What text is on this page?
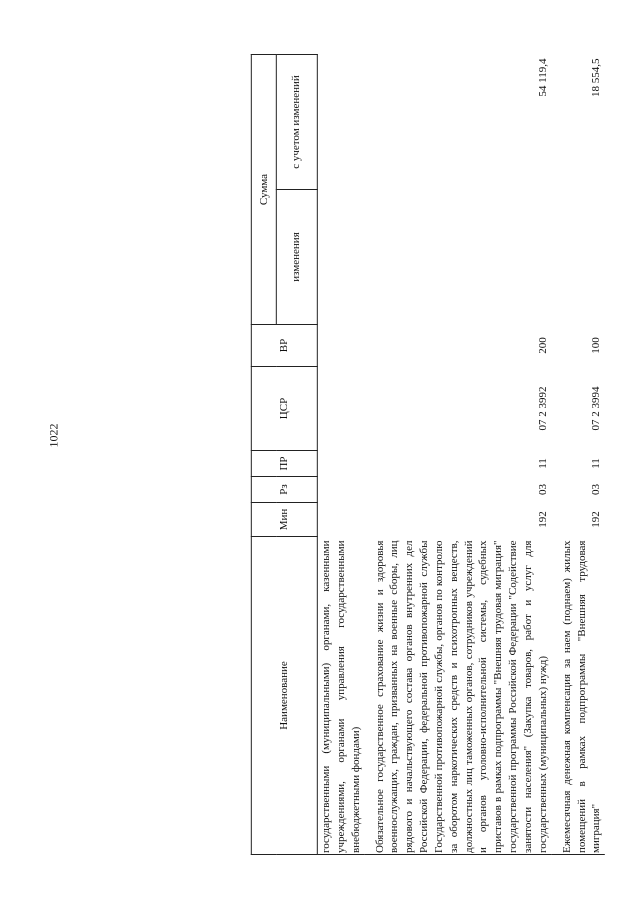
1022
Наименование	Мин	Рз	ПР	ЦСР	ВР	Сумма	
						изменения	с учетом изменений
государственными (муниципальными) органами, казенными учреждениями, органами управления государственными внебюджетными фондами)							
Обязательное государственное страхование жизни и здоровья военнослужащих, граждан, призванных на военные сборы, лиц рядового и начальствующего состава органов внутренних дел Российской Федерации, федеральной противопожарной службы Государственной противопожарной службы, органов по контролю за оборотом наркотических средств и психотропных веществ, должностных лиц таможенных органов, сотрудников учреждений и органов уголовно-исполнительной системы, судебных приставов в рамках подпрограммы "Внешняя трудовая миграция" государственной программы Российской Федерации "Содействие занятости населения" (Закупка товаров, работ и услуг для государственных (муниципальных) нужд)	192	03	11	07 2 3992	200		54 119,4
Ежемесячная денежная компенсация за наем (поднаем) жилых помещений в рамках подпрограммы "Внешняя трудовая миграция"	192	03	11	07 2 3994	100		18 554,5
